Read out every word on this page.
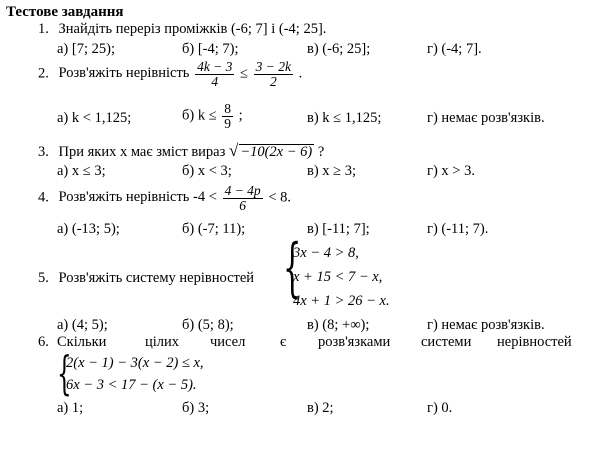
Тестове завдання
1. Знайдіть переріз проміжків (-6; 7] і (-4; 25].
а) [7; 25);	б) [-4; 7);	в) (-6; 25];	г) (-4; 7].
2. Розв'яжіть нерівність $\frac{4k - 3}{4} \le \frac{3 - 2k}{2}$ .
а) k < 1,125;	б) $k \le \frac{8}{9}$ ;	в) k ≤ 1,125;	г) немає розв'язків.
3. При яких x має зміст вираз √ −10(2x − 6) ?
а) x ≤ 3;	б) x < 3;	в) x ≥ 3;	г) x > 3.
4. Розв'яжіть нерівність $-4 < \frac{4 - 4p}{6} < 8$.
а) (-13; 5);	б) (-7; 11);	в) [-11; 7];	г) (-11; 7).
5. Розв'яжіть систему нерівностей {
3x − 4 > 8,
x + 15 < 7 − x,
4x + 1 > 26 − x.
а) (4; 5);	б) (5; 8);	в) (8; +∞);	г) немає розв'язків.
6. Скільки	цілих чисел є розв'язками системи нерівностей
{
2(x − 1) − 3(x − 2) ≤ x,
6x − 3 < 17 − (x − 5).
а) 1;	б) 3;	в) 2;	г) 0.
